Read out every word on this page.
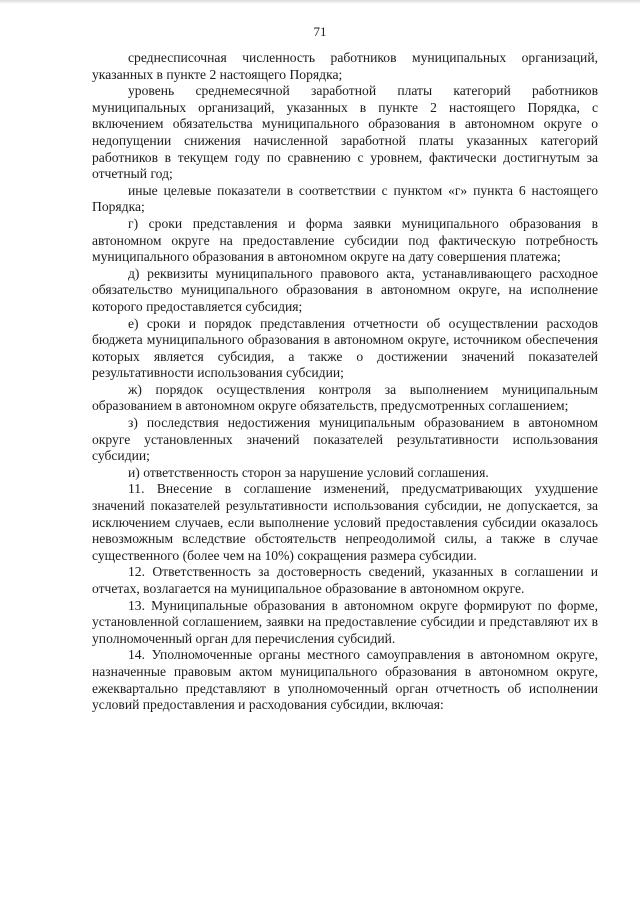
71

среднесписочная численность работников муниципальных организаций, указанных в пункте 2 настоящего Порядка;

уровень среднемесячной заработной платы категорий работников муниципальных организаций, указанных в пункте 2 настоящего Порядка, с включением обязательства муниципального образования в автономном округе о недопущении снижения начисленной заработной платы указанных категорий работников в текущем году по сравнению с уровнем, фактически достигнутым за отчетный год;

иные целевые показатели в соответствии с пунктом «г» пункта 6 настоящего Порядка;

г) сроки представления и форма заявки муниципального образования в автономном округе на предоставление субсидии под фактическую потребность муниципального образования в автономном округе на дату совершения платежа;

д) реквизиты муниципального правового акта, устанавливающего расходное обязательство муниципального образования в автономном округе, на исполнение которого предоставляется субсидия;

е) сроки и порядок представления отчетности об осуществлении расходов бюджета муниципального образования в автономном округе, источником обеспечения которых является субсидия, а также о достижении значений показателей результативности использования субсидии;

ж) порядок осуществления контроля за выполнением муниципальным образованием в автономном округе обязательств, предусмотренных соглашением;

з) последствия недостижения муниципальным образованием в автономном округе установленных значений показателей результативности использования субсидии;

и) ответственность сторон за нарушение условий соглашения.

11. Внесение в соглашение изменений, предусматривающих ухудшение значений показателей результативности использования субсидии, не допускается, за исключением случаев, если выполнение условий предоставления субсидии оказалось невозможным вследствие обстоятельств непреодолимой силы, а также в случае существенного (более чем на 10%) сокращения размера субсидии.

12. Ответственность за достоверность сведений, указанных в соглашении и отчетах, возлагается на муниципальное образование в автономном округе.

13. Муниципальные образования в автономном округе формируют по форме, установленной соглашением, заявки на предоставление субсидии и представляют их в уполномоченный орган для перечисления субсидий.

14. Уполномоченные органы местного самоуправления в автономном округе, назначенные правовым актом муниципального образования в автономном округе, ежеквартально представляют в уполномоченный орган отчетность об исполнении условий предоставления и расходования субсидии, включая:
